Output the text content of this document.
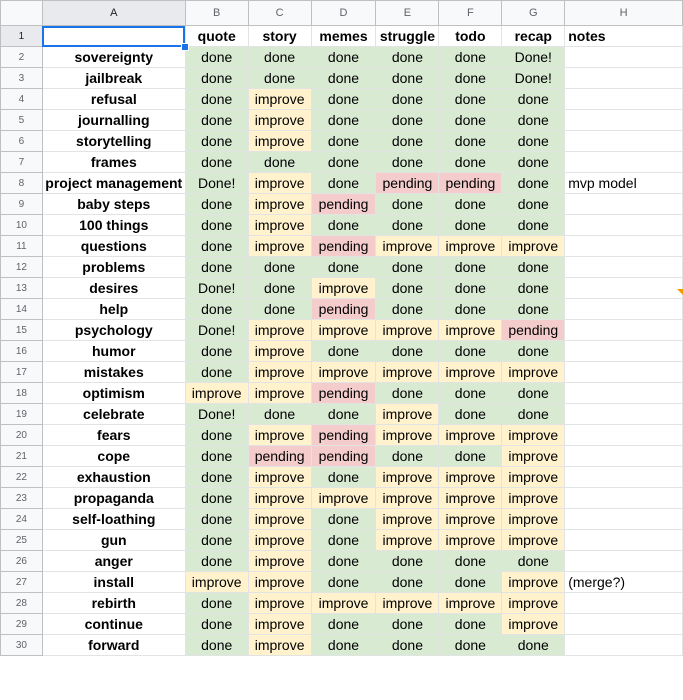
	A	B	C	D	E	F	G	H
1		quote	story	memes	struggle	todo	recap	notes
2	sovereignty	done	done	done	done	done	Done!	
3	jailbreak	done	done	done	done	done	Done!	
4	refusal	done	improve	done	done	done	done	
5	journalling	done	improve	done	done	done	done	
6	storytelling	done	improve	done	done	done	done	
7	frames	done	done	done	done	done	done	
8	project management	Done!	improve	done	pending	pending	done	mvp model
9	baby steps	done	improve	pending	done	done	done	
10	100 things	done	improve	done	done	done	done	
11	questions	done	improve	pending	improve	improve	improve	
12	problems	done	done	done	done	done	done	
13	desires	Done!	done	improve	done	done	done	
14	help	done	done	pending	done	done	done	
15	psychology	Done!	improve	improve	improve	improve	pending	
16	humor	done	improve	done	done	done	done	
17	mistakes	done	improve	improve	improve	improve	improve	
18	optimism	improve	improve	pending	done	done	done	
19	celebrate	Done!	done	done	improve	done	done	
20	fears	done	improve	pending	improve	improve	improve	
21	cope	done	pending	pending	done	done	improve	
22	exhaustion	done	improve	done	improve	improve	improve	
23	propaganda	done	improve	improve	improve	improve	improve	
24	self-loathing	done	improve	done	improve	improve	improve	
25	gun	done	improve	done	improve	improve	improve	
26	anger	done	improve	done	done	done	done	
27	install	improve	improve	done	done	done	improve	(merge?)
28	rebirth	done	improve	improve	improve	improve	improve	
29	continue	done	improve	done	done	done	improve	
30	forward	done	improve	done	done	done	done	
